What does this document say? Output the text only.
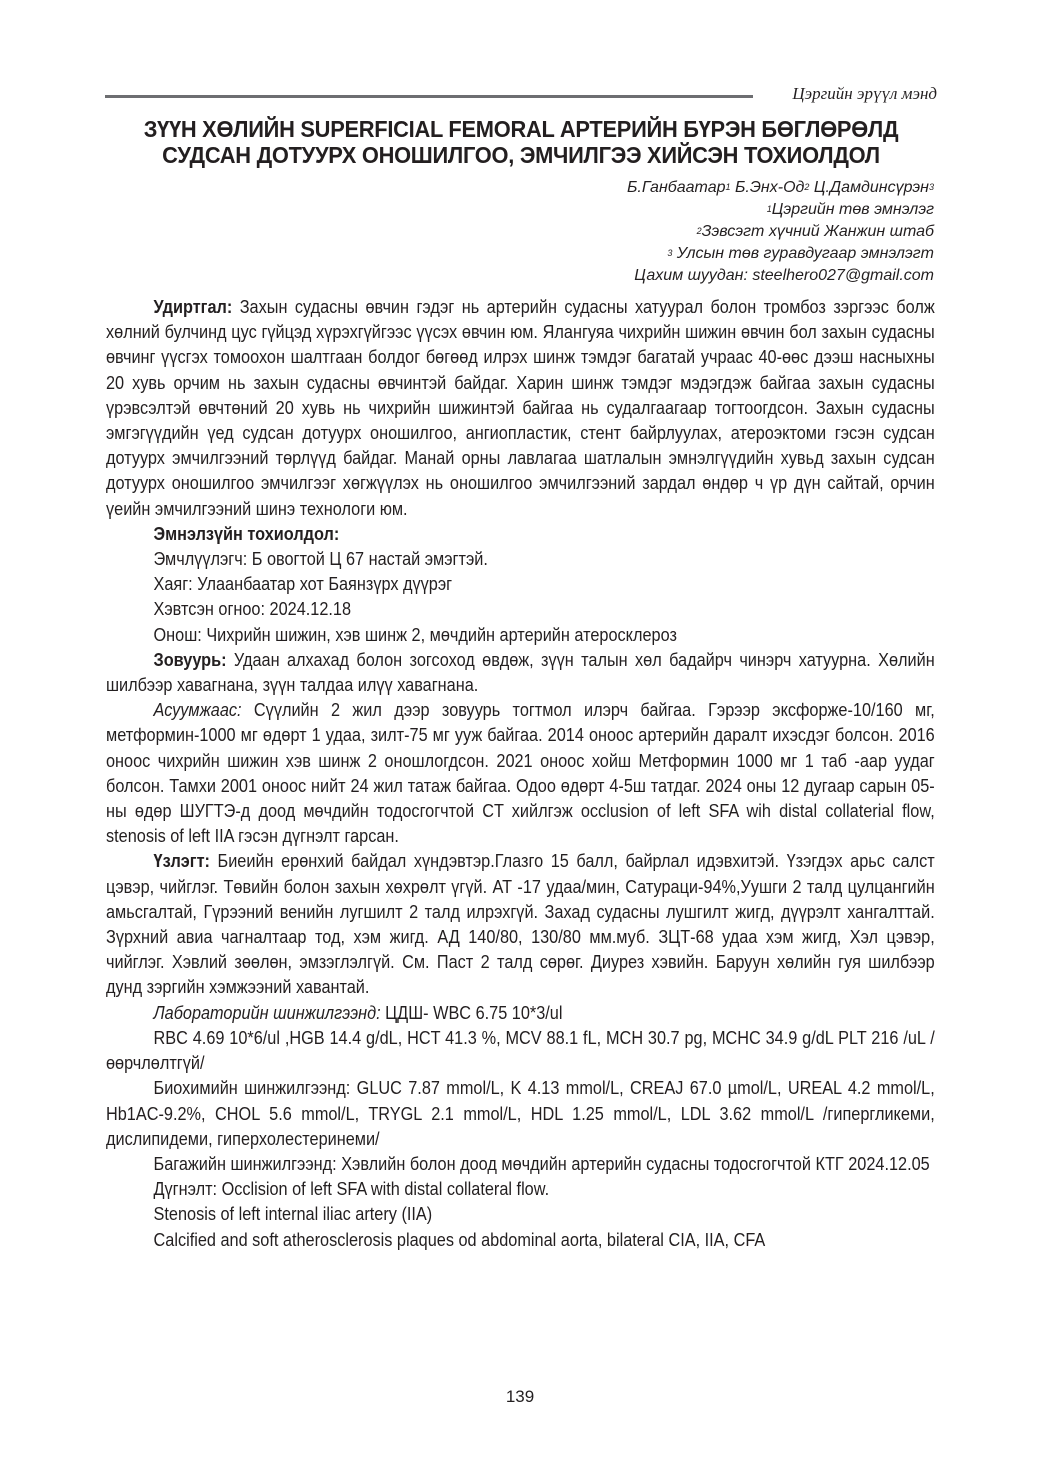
Цэргийн эрүүл мэнд
ЗҮҮН ХӨЛИЙН SUPERFICIAL FEMORAL АРТЕРИЙН БҮРЭН БӨГЛӨРӨЛД
СУДСАН ДОТУУРХ ОНОШИЛГОО, ЭМЧИЛГЭЭ ХИЙСЭН ТОХИОЛДОЛ
Б.Ганбаатар$^1$ $Б.Энх-Од^2$ Ц.Дамдинсүрэн$^3$
$^1$Цэргийн төв эмнэлэг
$^2$Зэвсэгт хүчний Жанжин штаб
$^3$ Улсын төв гуравдугаар эмнэлэгт
Цахим шуудан: steelhero027@gmail.com

Удиртгал: Захын судасны өвчин гэдэг нь артерийн судасны хатуурал болон тромбоз зэргээс болж хөлний булчинд цус гүйцэд хүрэхгүйгээс үүсэх өвчин юм. Ялангуяа чихрийн шижин өвчин бол захын судасны өвчинг үүсгэх томоохон шалтгаан болдог бөгөөд илрэх шинж тэмдэг багатай учраас 40-өөс дээш насныхны 20 хувь орчим нь захын судасны өвчинтэй байдаг. Харин шинж тэмдэг мэдэгдэж байгаа захын судасны үрэвсэлтэй өвчтөний 20 хувь нь чихрийн шижинтэй байгаа нь судалгаагаар тогтоогдсон. Захын судасны эмгэгүүдийн үед судсан дотуурх оношилгоо, ангиопластик, стент байрлуулах, атероэктоми гэсэн судсан дотуурх эмчилгээний төрлүүд байдаг. Манай орны лавлагаа шатлалын эмнэлгүүдийн хувьд захын судсан дотуурх оношилгоо эмчилгээг хөгжүүлэх нь оношилгоо эмчилгээний зардал өндөр ч үр дүн сайтай, орчин үеийн эмчилгээний шинэ технологи юм.

Эмнэлзүйн тохиолдол:

Эмчлүүлэгч: Б овогтой Ц 67 настай эмэгтэй.

Хаяг: Улаанбаатар хот Баянзүрх дүүрэг

Хэвтсэн огноо: 2024.12.18

Онош: Чихрийн шижин, хэв шинж 2, мөчдийн артерийн атеросклероз

Зовуурь: Удаан алхахад болон зогсоход өвдөж, зүүн талын хөл бадайрч чинэрч хатуурна. Хөлийн шилбээр хавагнана, зүүн талдаа илүү хавагнана.

Асуумжаас: Сүүлийн 2 жил дээр зовуурь тогтмол илэрч байгаа. Гэрээр эксфорже-10/160 мг, метформин-1000 мг өдөрт 1 удаа, зилт-75 мг ууж байгаа. 2014 оноос артерийн даралт ихэсдэг болсон. 2016 оноос чихрийн шижин хэв шинж 2 оношлогдсон. 2021 оноос хойш Метформин 1000 мг 1 таб -аар уудаг болсон. Тамхи 2001 оноос нийт 24 жил татаж байгаа. Одоо өдөрт 4-5ш татдаг. 2024 оны 12 дугаар сарын 05-ны өдөр ШУГТЭ-д доод мөчдийн тодосгогчтой CT хийлгэж occlusion of left SFA wih distal collaterial flow, stenosis of left IIA гэсэн дүгнэлт гарсан.

Үзлэгт: Биеийн ерөнхий байдал хүндэвтэр.Глазго 15 балл, байрлал идэвхитэй. Үзэгдэх арьс салст цэвэр, чийглэг. Төвийн болон захын хөхрөлт үгүй. АТ -17 удаа/мин, Сатураци-94%,Уушги 2 талд цулцангийн амьсгалтай, Гүрээний венийн лугшилт 2 талд илрэхгүй. Захад судасны лушгилт жигд, дүүрэлт хангалттай. Зүрхний авиа чагналтаар тод, хэм жигд. АД 140/80, 130/80 мм.муб. ЗЦТ-68 удаа хэм жигд, Хэл цэвэр, чийглэг. Хэвлий зөөлөн, эмзэглэлгүй. См. Паст 2 талд сөрөг. Диурез хэвийн. Баруун хөлийн гуя шилбээр дунд зэргийн хэмжээний хавантай.

Лабораторийн шинжилгээнд: ЦДШ- WBC 6.75 10*3/ul

RBC 4.69 10*6/ul ,HGB 14.4 g/dL, HCT 41.3 %, MCV 88.1 fL, MCH 30.7 pg, MCHC 34.9 g/dL PLT 216 /uL /өөрчлөлтгүй/

Биохимийн шинжилгээнд: GLUC 7.87 mmol/L, K 4.13 mmol/L, CREAJ 67.0 µmol/L, UREAL 4.2 mmol/L, Hb1AC-9.2%, CHOL 5.6 mmol/L, TRYGL 2.1 mmol/L, HDL 1.25 mmol/L, LDL 3.62 mmol/L /гипергликеми, дислипидеми, гиперхолестеринеми/

Багажийн шинжилгээнд: Хэвлийн болон доод мөчдийн артерийн судасны тодосгогчтой КТГ 2024.12.05

Дүгнэлт: Occlision of left SFA with distal collateral flow.

Stenosis of left internal iliac artery (IIA)

Calcified and soft atherosclerosis plaques od abdominal aorta, bilateral CIA, IIA, CFA

139
